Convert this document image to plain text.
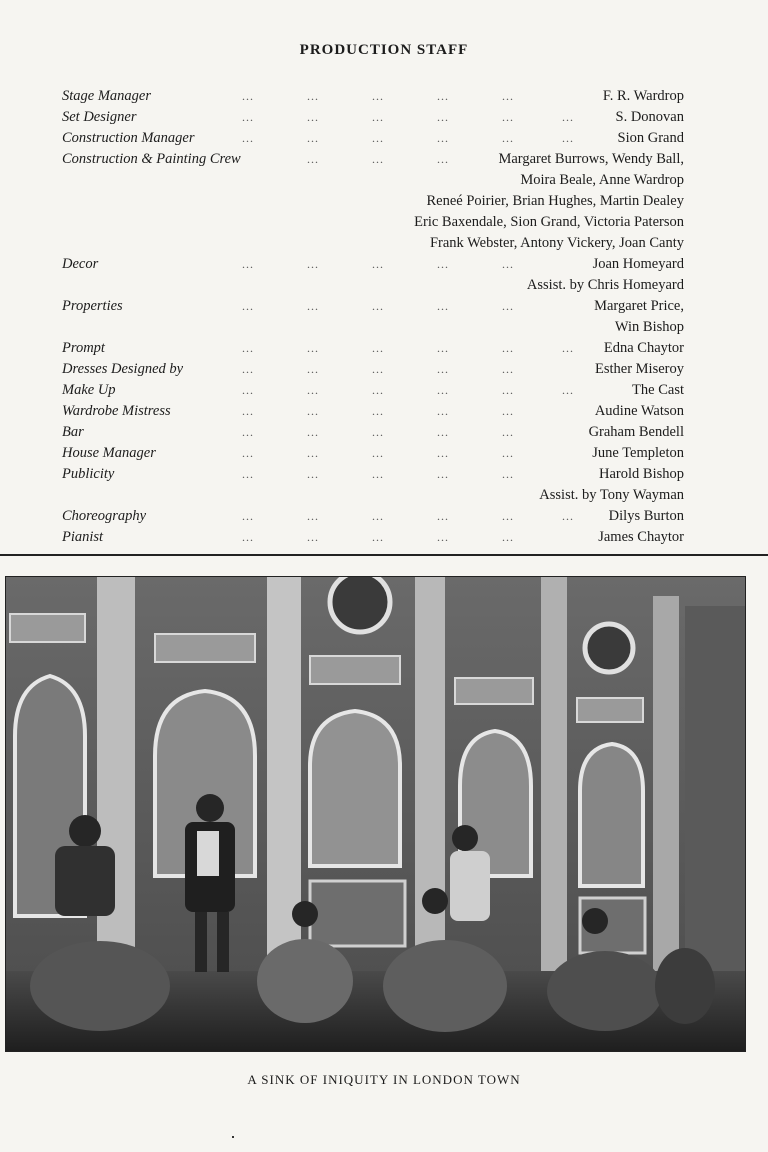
PRODUCTION STAFF
Stage Manager	...	...	...	...	...	F. R. Wardrop
Set Designer	...	...	...	...	...	...	S. Donovan
Construction Manager	...	...	...	...	...	...	Sion Grand
Construction & Painting Crew	...	...	...	Margaret Burrows, Wendy Ball,
Moira Beale, Anne Wardrop
Reneé Poirier, Brian Hughes, Martin Dealey
Eric Baxendale, Sion Grand, Victoria Paterson
Frank Webster, Antony Vickery, Joan Canty
Decor	...	...	...	...	...	Joan Homeyard
Assist. by Chris Homeyard
Properties	...	...	...	...	...	Margaret Price,
Win Bishop
Prompt	...	...	...	...	...	... Edna Chaytor
Dresses Designed by	...	...	...	...	...	Esther Miseroy
Make Up	...	...	...	...	...	...	The Cast
Wardrobe Mistress	...	...	...	...	...	Audine Watson
Bar	...	...	...	...	...	Graham Bendell
House Manager	...	...	...	...	...	June Templeton
Publicity	...	...	...	...	...	Harold Bishop
Assist. by Tony Wayman
Choreography	...	...	...	...	...	... Dilys Burton
Pianist	...	...	...	...	...	James Chaytor
A SINK OF INIQUITY IN LONDON TOWN
